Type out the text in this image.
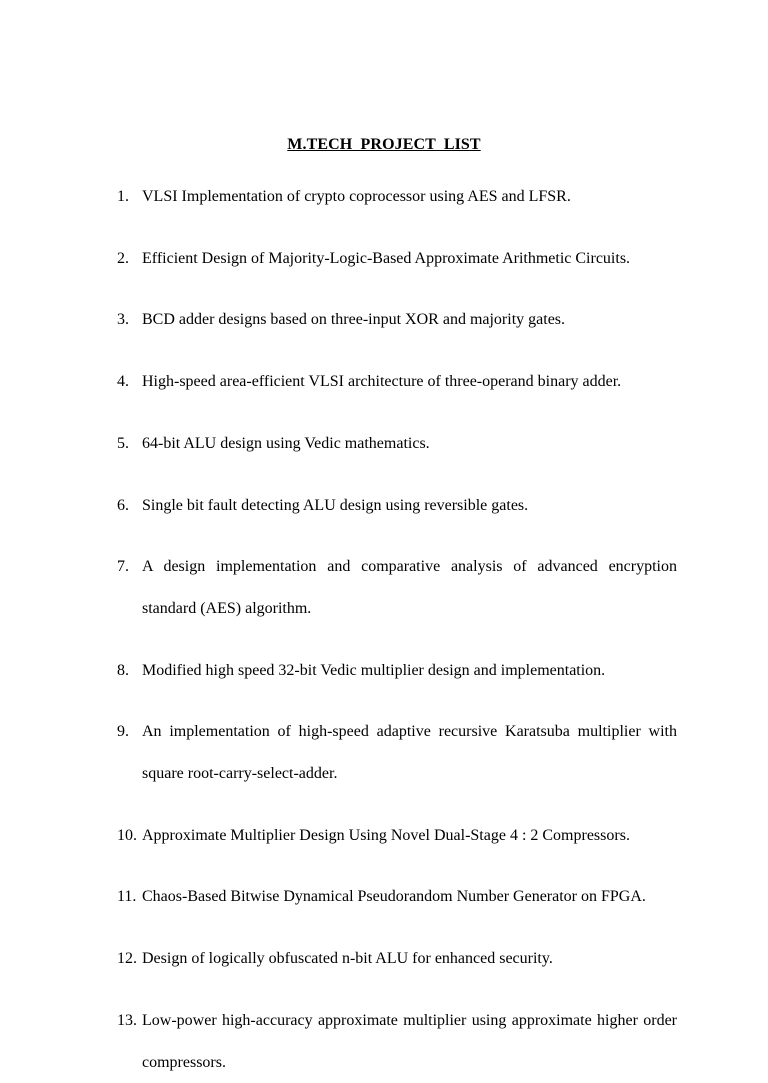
M.TECH  PROJECT  LIST
1. VLSI Implementation of crypto coprocessor using AES and LFSR.
2. Efficient Design of Majority-Logic-Based Approximate Arithmetic Circuits.
3. BCD adder designs based on three-input XOR and majority gates.
4. High-speed area-efficient VLSI architecture of three-operand binary adder.
5. 64-bit ALU design using Vedic mathematics.
6. Single bit fault detecting ALU design using reversible gates.
7. A design implementation and comparative analysis of advanced encryption standard (AES) algorithm.
8. Modified high speed 32-bit Vedic multiplier design and implementation.
9. An implementation of high-speed adaptive recursive Karatsuba multiplier with square root-carry-select-adder.
10. Approximate Multiplier Design Using Novel Dual-Stage 4 : 2 Compressors.
11. Chaos-Based Bitwise Dynamical Pseudorandom Number Generator on FPGA.
12. Design of logically obfuscated n-bit ALU for enhanced security.
13. Low-power high-accuracy approximate multiplier using approximate higher order compressors.
